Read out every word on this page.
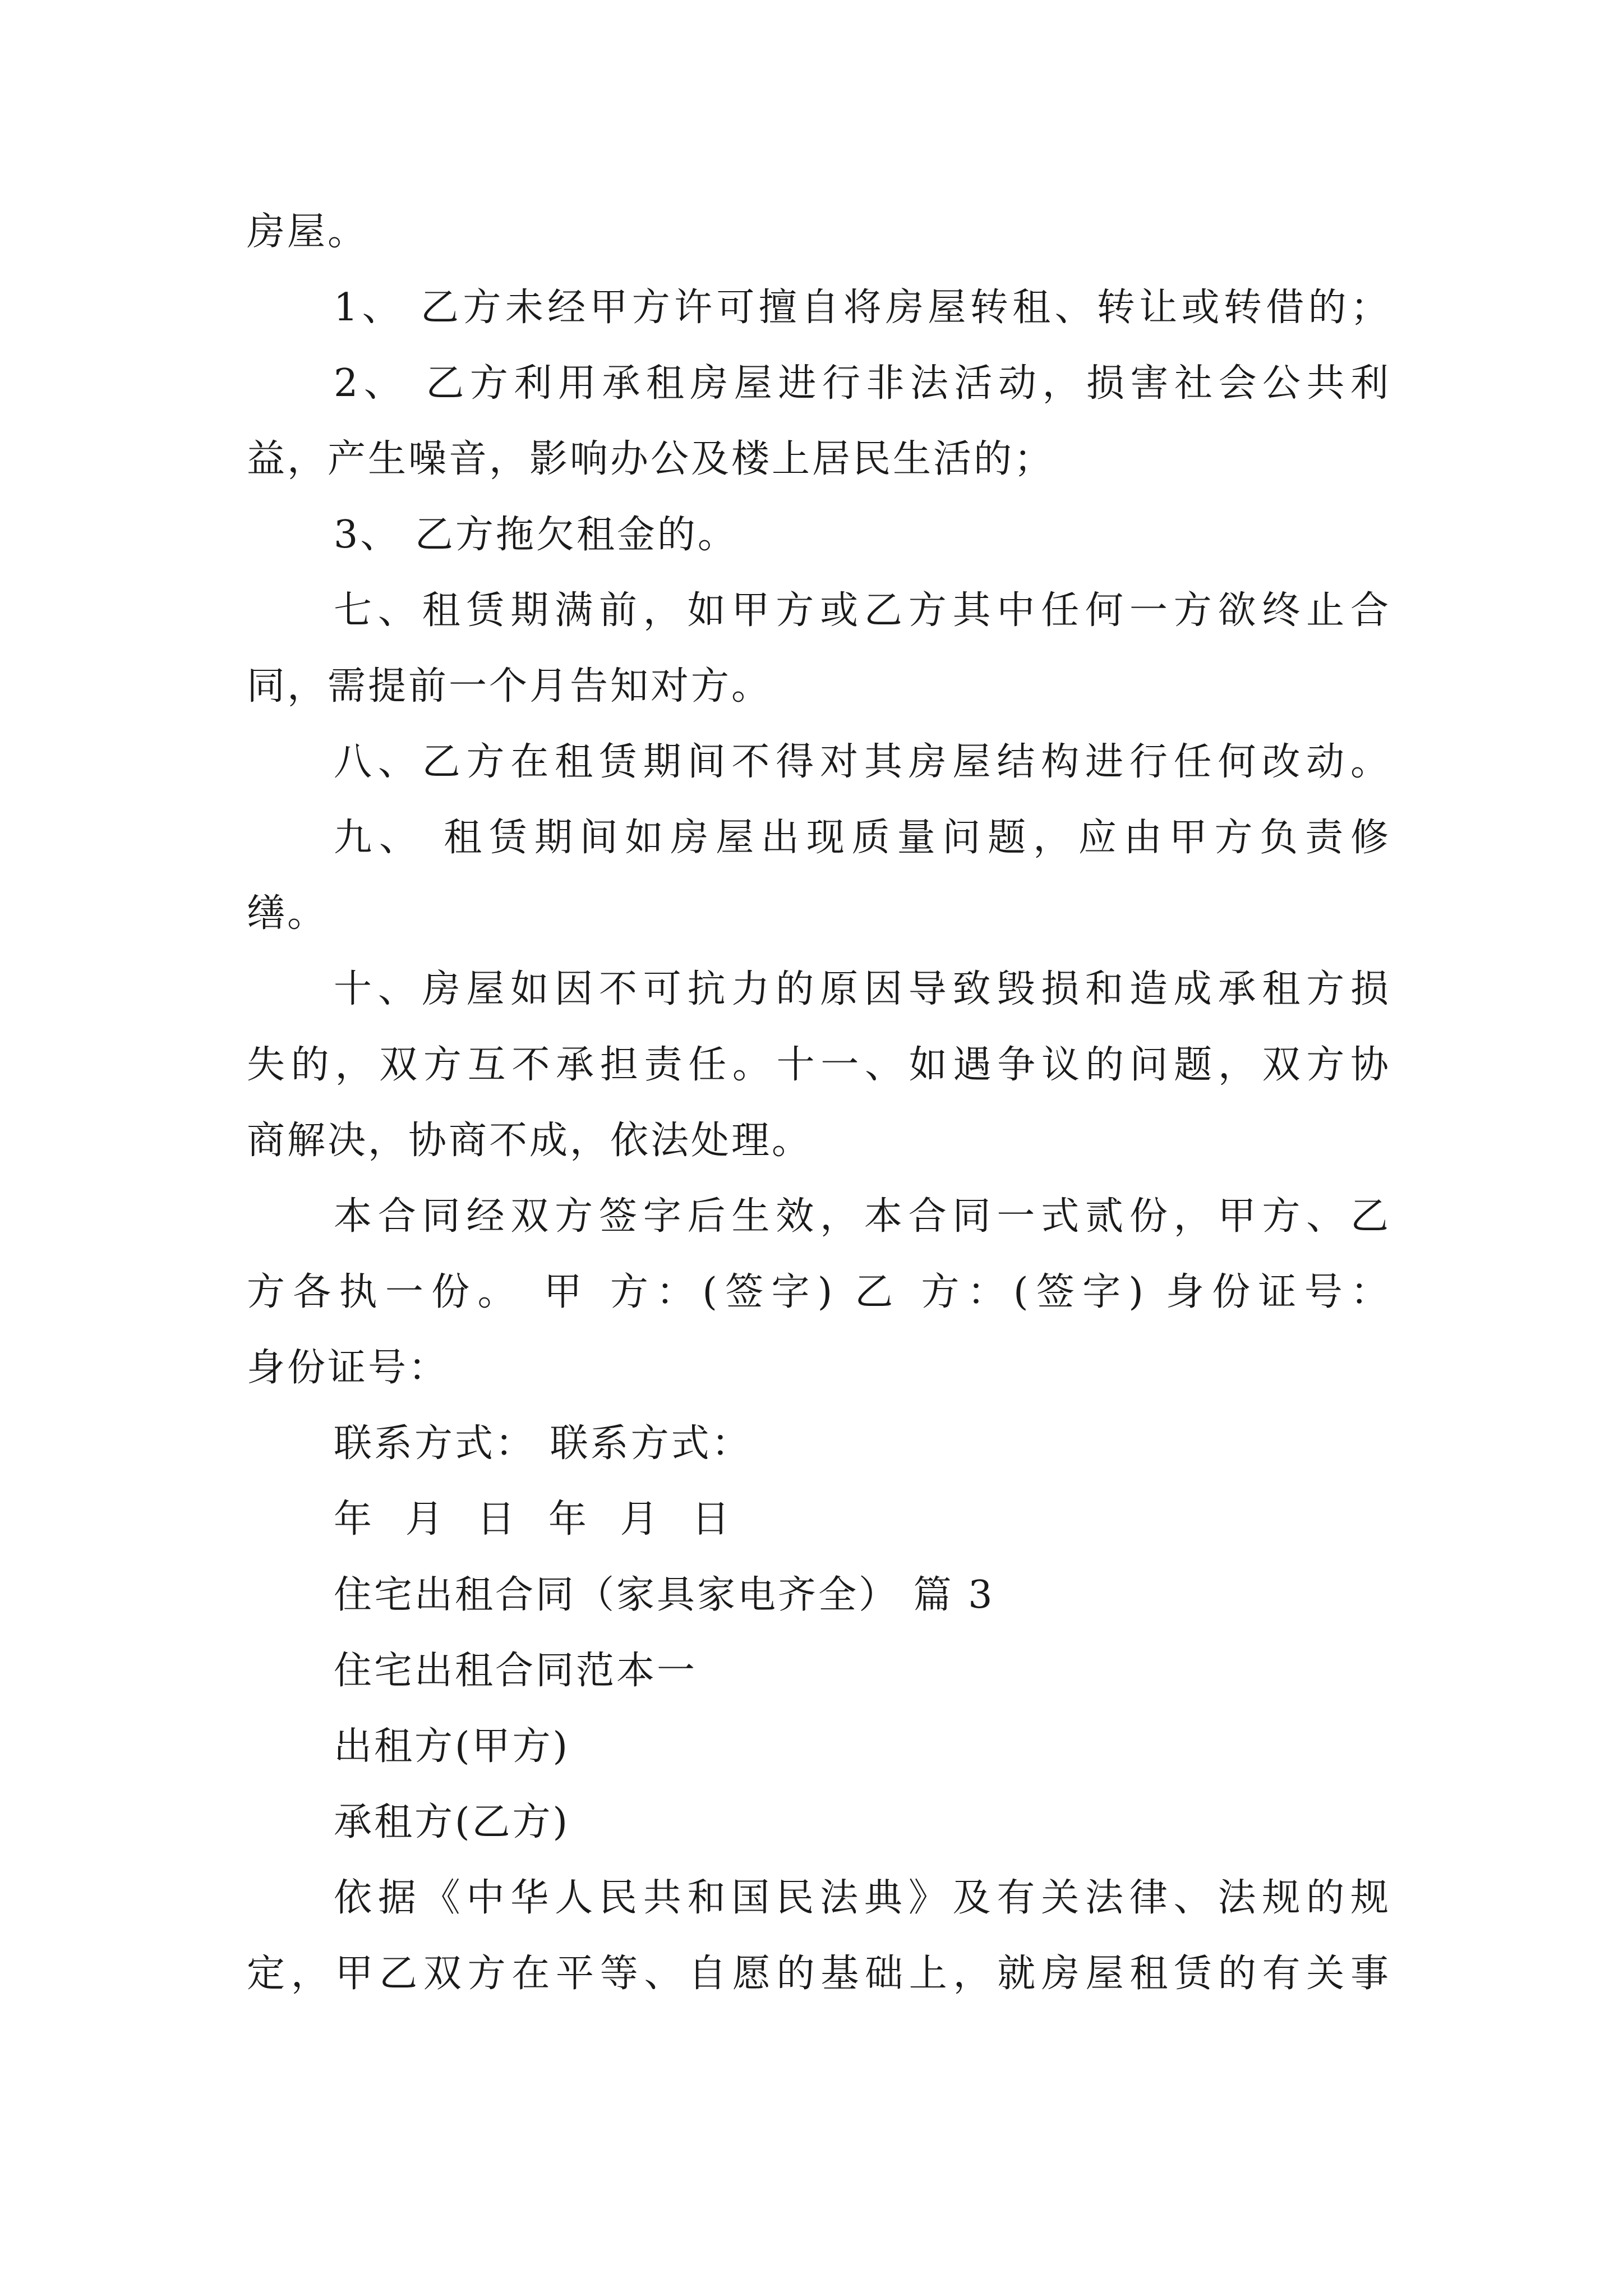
房屋。
1、 乙方未经甲方许可擅自将房屋转租、转让或转借的；
2、 乙方利用承租房屋进行非法活动，损害社会公共利
益，产生噪音，影响办公及楼上居民生活的；
3、 乙方拖欠租金的。
七、租赁期满前，如甲方或乙方其中任何一方欲终止合
同，需提前一个月告知对方。
八、乙方在租赁期间不得对其房屋结构进行任何改动。
九、 租赁期间如房屋出现质量问题，应由甲方负责修
缮。
十、房屋如因不可抗力的原因导致毁损和造成承租方损
失的，双方互不承担责任。十一、如遇争议的问题，双方协
商解决，协商不成，依法处理。
本合同经双方签字后生效，本合同一式贰份，甲方、乙
方各执一份。 甲 方：(签字) 乙 方：(签字) 身份证号：
身份证号：
联系方式： 联系方式：
年 月 日 年 月 日
住宅出租合同（家具家电齐全） 篇 3
住宅出租合同范本一
出租方(甲方)
承租方(乙方)
依据《中华人民共和国民法典》及有关法律、法规的规
定，甲乙双方在平等、自愿的基础上，就房屋租赁的有关事
